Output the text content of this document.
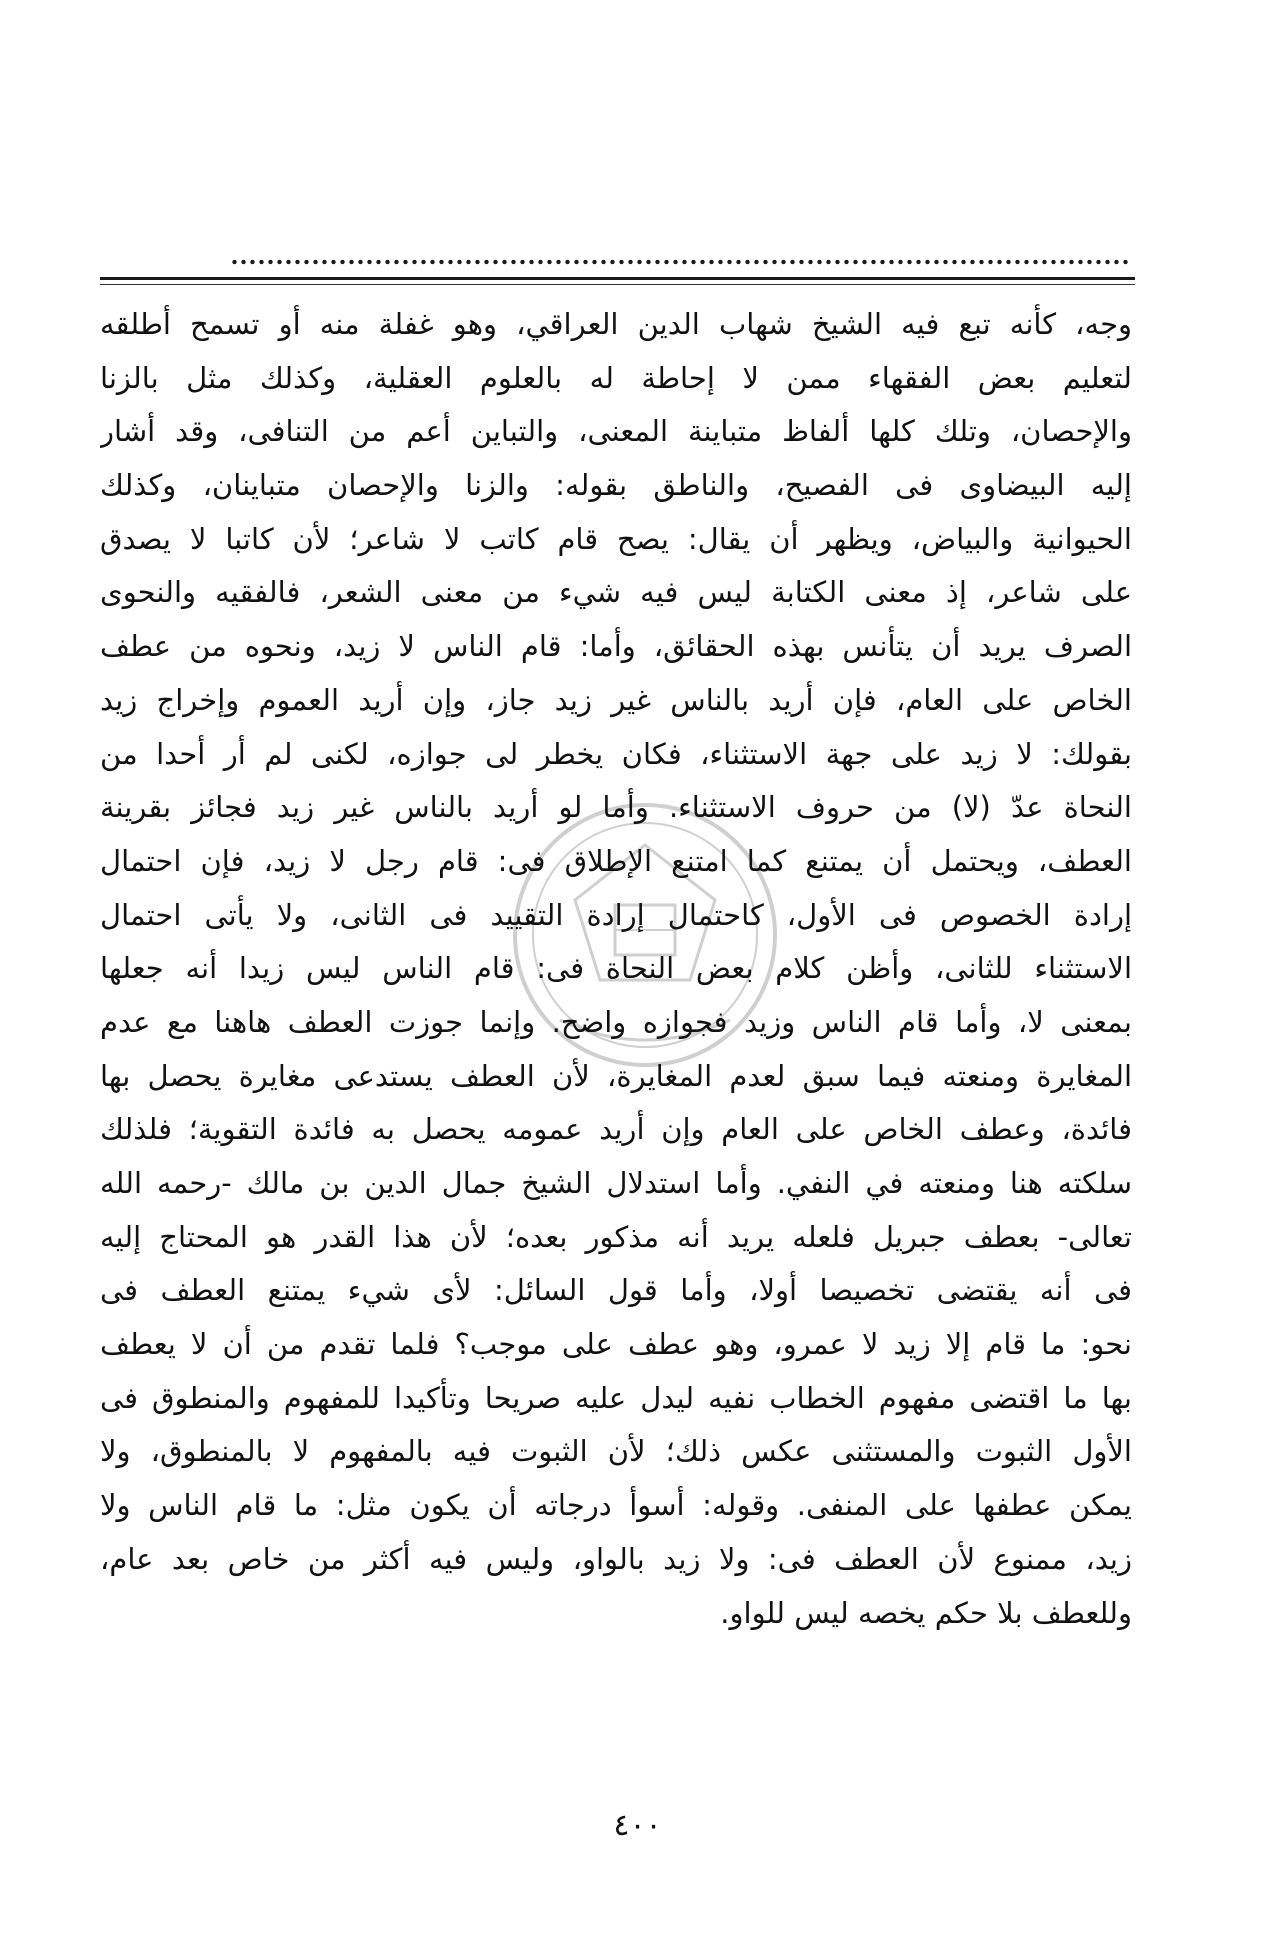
وجه، كأنه تبع فيه الشيخ شهاب الدين العراقي، وهو غفلة منه أو تسمح أطلقه
لتعليم بعض الفقهاء ممن لا إحاطة له بالعلوم العقلية، وكذلك مثل بالزنا
والإحصان، وتلك كلها ألفاظ متباينة المعنى، والتباين أعم من التنافى، وقد أشار
إليه البيضاوى فى الفصيح، والناطق بقوله: والزنا والإحصان متباينان، وكذلك
الحيوانية والبياض، ويظهر أن يقال: يصح قام كاتب لا شاعر؛ لأن كاتبا لا يصدق
على شاعر، إذ معنى الكتابة ليس فيه شيء من معنى الشعر، فالفقيه والنحوى
الصرف يريد أن يتأنس بهذه الحقائق، وأما: قام الناس لا زيد، ونحوه من عطف
الخاص على العام، فإن أريد بالناس غير زيد جاز، وإن أريد العموم وإخراج زيد
بقولك: لا زيد على جهة الاستثناء، فكان يخطر لى جوازه، لكنى لم أر أحدا من
النحاة عدّ (لا) من حروف الاستثناء. وأما لو أريد بالناس غير زيد فجائز بقرينة
العطف، ويحتمل أن يمتنع كما امتنع الإطلاق فى: قام رجل لا زيد، فإن احتمال
إرادة الخصوص فى الأول، كاحتمال إرادة التقييد فى الثانى، ولا يأتى احتمال
الاستثناء للثانى، وأظن كلام بعض النحاة فى: قام الناس ليس زيدا أنه جعلها
بمعنى لا، وأما قام الناس وزيد فجوازه واضح. وإنما جوزت العطف هاهنا مع عدم
المغايرة ومنعته فيما سبق لعدم المغايرة، لأن العطف يستدعى مغايرة يحصل بها
فائدة، وعطف الخاص على العام وإن أريد عمومه يحصل به فائدة التقوية؛ فلذلك
سلكته هنا ومنعته في النفي. وأما استدلال الشيخ جمال الدين بن مالك -رحمه الله
تعالى- بعطف جبريل فلعله يريد أنه مذكور بعده؛ لأن هذا القدر هو المحتاج إليه
فى أنه يقتضى تخصيصا أولا، وأما قول السائل: لأى شيء يمتنع العطف فى
نحو: ما قام إلا زيد لا عمرو، وهو عطف على موجب؟ فلما تقدم من أن لا يعطف
بها ما اقتضى مفهوم الخطاب نفيه ليدل عليه صريحا وتأكيدا للمفهوم والمنطوق فى
الأول الثبوت والمستثنى عكس ذلك؛ لأن الثبوت فيه بالمفهوم لا بالمنطوق، ولا
يمكن عطفها على المنفى. وقوله: أسوأ درجاته أن يكون مثل: ما قام الناس ولا
زيد، ممنوع لأن العطف فى: ولا زيد بالواو، وليس فيه أكثر من خاص بعد عام،
وللعطف بلا حكم يخصه ليس للواو.
٤٠٠
